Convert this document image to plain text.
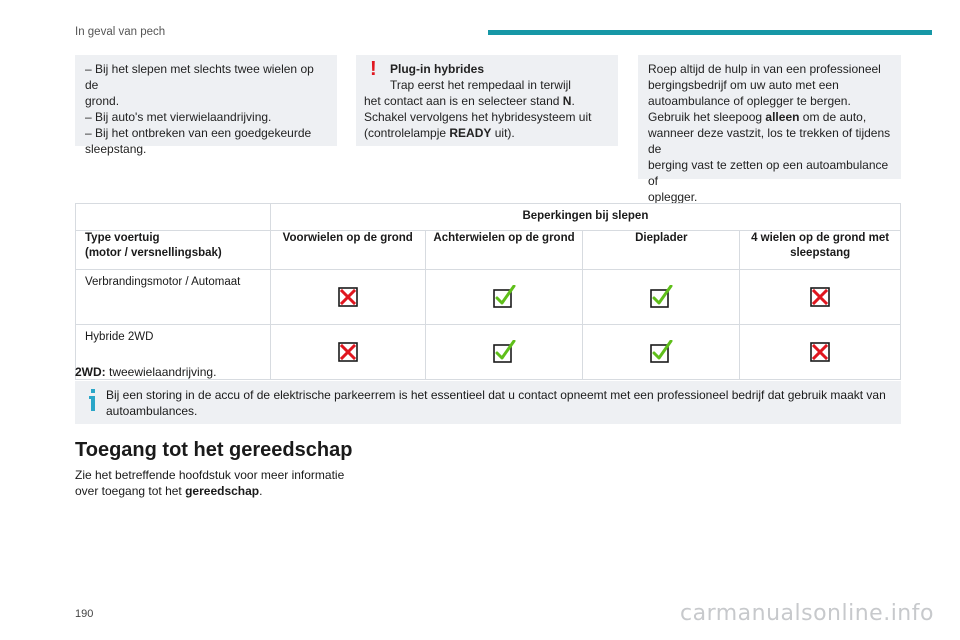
In geval van pech

– Bij het slepen met slechts twee wielen op de

grond.

– Bij auto's met vierwielaandrijving.

– Bij het ontbreken van een goedgekeurde

sleepstang.

!	Plug-in hybrides

Trap eerst het rempedaal in terwijl

het contact aan is en selecteer stand N.

Schakel vervolgens het hybridesysteem uit

(controlelampje READY uit).

Roep altijd de hulp in van een professioneel

bergingsbedrijf om uw auto met een

autoambulance of oplegger te bergen.

Gebruik het sleepoog alleen om de auto,

wanneer deze vastzit, los te trekken of tijdens de

berging vast te zetten op een autoambulance of

oplegger.

	Beperkingen bij slepen			

Type voertuig
(motor / versnellingsbak)	Voorwielen op de grond	Achterwielen op de grond	Dieplader	4 wielen op de grond met sleepstang
Verbrandingsmotor / Automaat				
Hybride 2WD				
2WD: tweewielaandrijving.
Bij een storing in de accu of de elektrische parkeerrem is het essentieel dat u contact opneemt met een professioneel bedrijf dat gebruik maakt van autoambulances.
Toegang tot het gereedschap
Zie het betreffende hoofdstuk voor meer informatie
over toegang tot het gereedschap.
190	carmanualsonline.info
